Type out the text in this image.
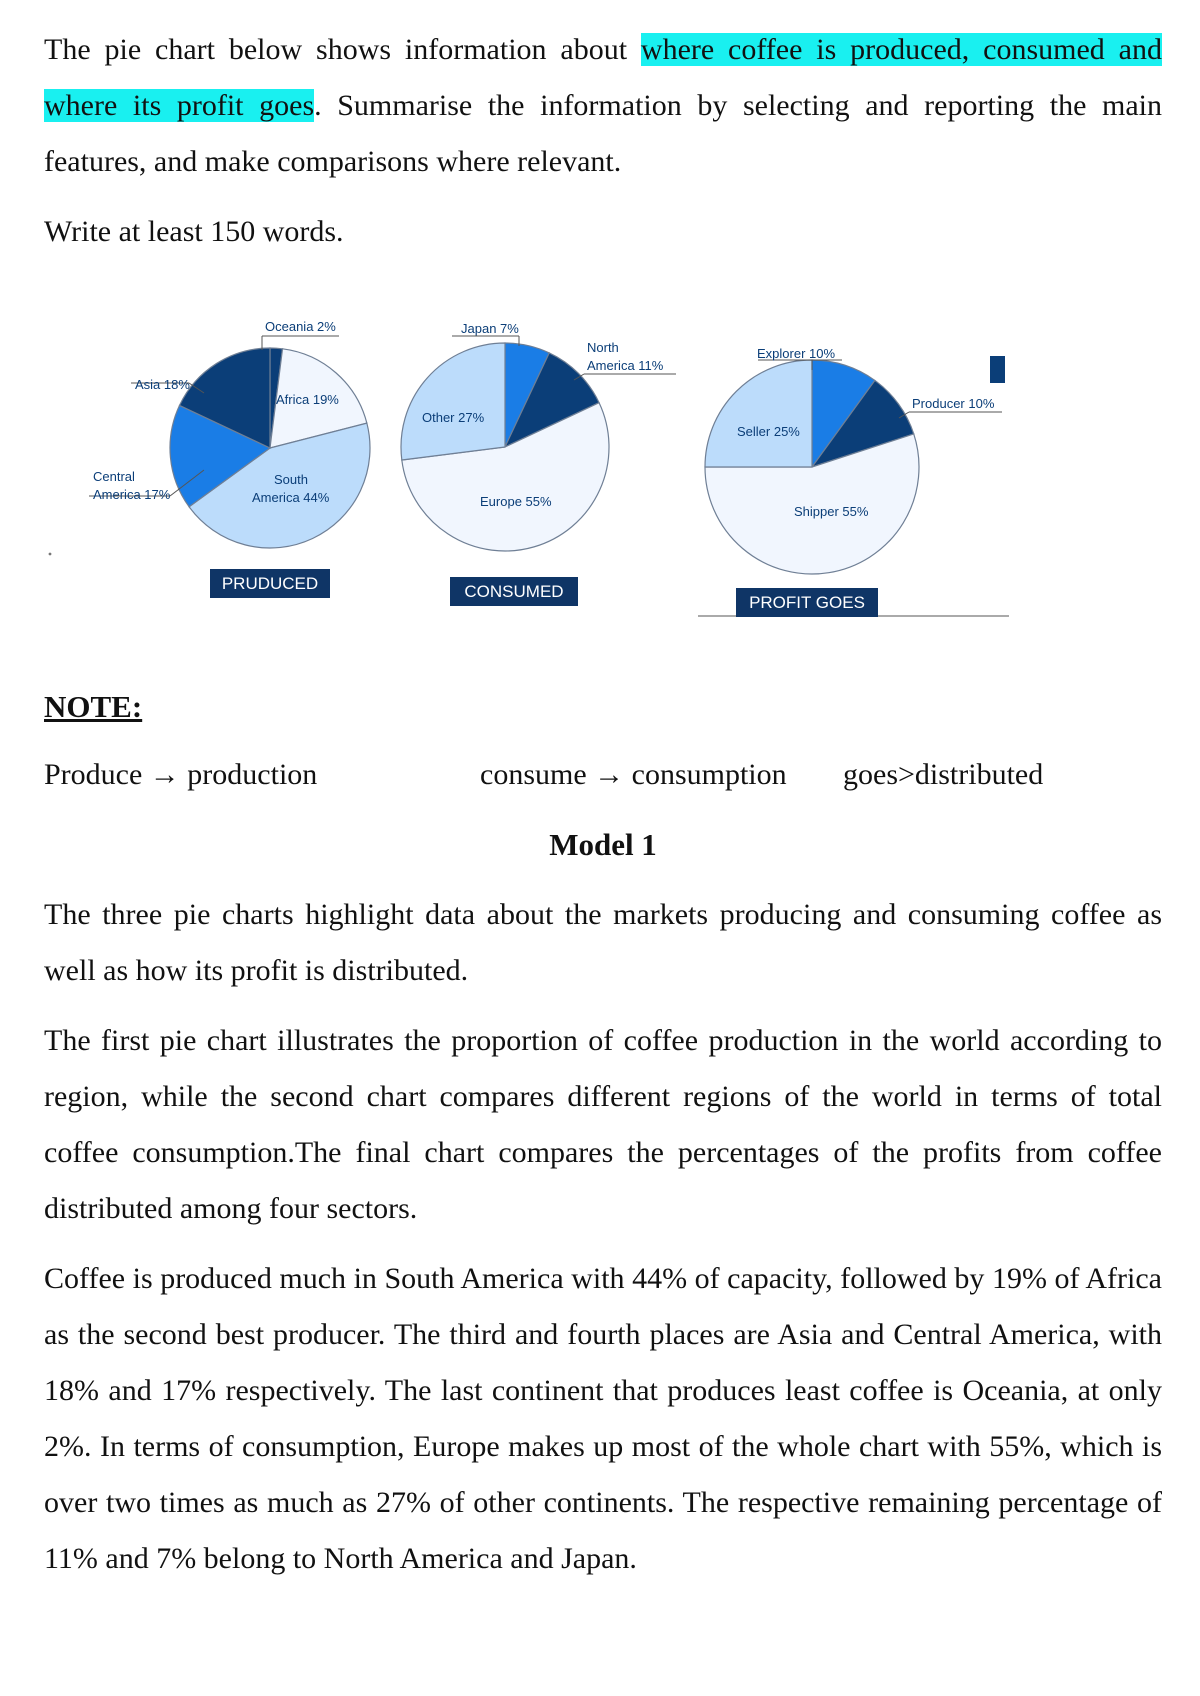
The pie chart below shows information about where coffee is produced, consumed and where its profit goes. Summarise the information by selecting and reporting the main features, and make comparisons where relevant.

Write at least 150 words.

Oceania 2%
Africa 19%
South
America 44%
Central
America 17%
Asia 18%
Japan 7%
North
America 11%
Europe 55%
Other 27%
Explorer 10%
Producer 10%
Shipper 55%
Seller 25%
PRUDUCED	CONSUMED
PROFIT GOES
NOTE:
Produce → production	consume → consumption goes>distributed
Model 1

The three pie charts highlight data about the markets producing and consuming coffee as well as how its profit is distributed.

The first pie chart illustrates the proportion of coffee production in the world according to region, while the second chart compares different regions of the world in terms of total coffee consumption.The final chart compares the percentages of the profits from coffee distributed among four sectors.

Coffee is produced much in South America with 44% of capacity, followed by 19% of Africa as the second best producer. The third and fourth places are Asia and Central America, with 18% and 17% respectively. The last continent that produces least coffee is Oceania, at only 2%. In terms of consumption, Europe makes up most of the whole chart with 55%, which is over two times as much as 27% of other continents. The respective remaining percentage of 11% and 7% belong to North America and Japan.
